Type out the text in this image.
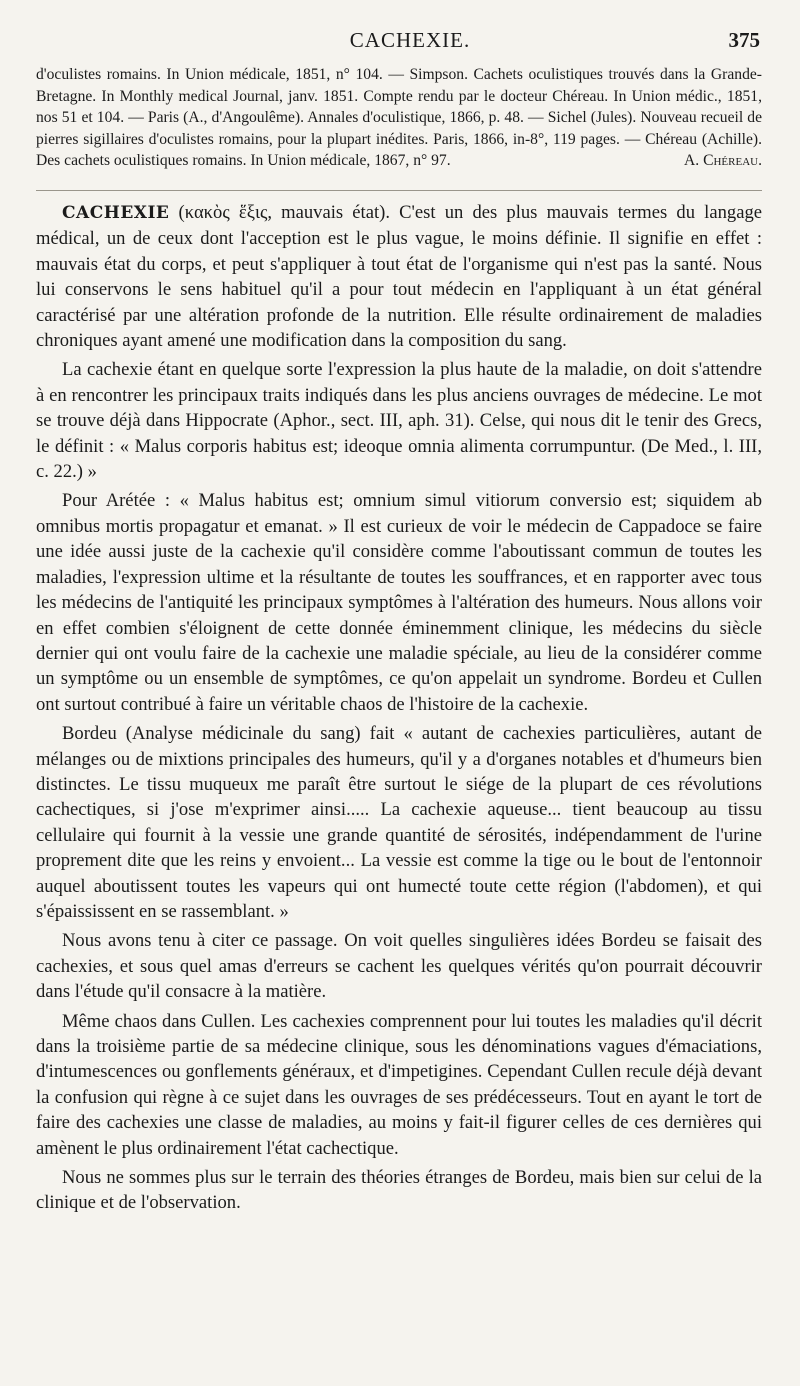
CACHEXIE.	375

d'oculistes romains. In Union médicale, 1851, n° 104. — Simpson. Cachets oculistiques trouvés dans la Grande-Bretagne. In Monthly medical Journal, janv. 1851. Compte rendu par le docteur Chéreau. In Union médic., 1851, nos 51 et 104. — Paris (A., d'Angoulême). Annales d'oculistique, 1866, p. 48. — Sichel (Jules). Nouveau recueil de pierres sigillaires d'oculistes romains, pour la plupart inédites. Paris, 1866, in-8°, 119 pages. — Chéreau (Achille). Des cachets oculistiques romains. In Union médicale, 1867, n° 97.	A. Chéreau.

CACHEXIE (κακὸς ἕξις, mauvais état). C'est un des plus mauvais termes du langage médical, un de ceux dont l'acception est le plus vague, le moins définie. Il signifie en effet : mauvais état du corps, et peut s'appliquer à tout état de l'organisme qui n'est pas la santé. Nous lui conservons le sens habituel qu'il a pour tout médecin en l'appliquant à un état général caractérisé par une altération profonde de la nutrition. Elle résulte ordinairement de maladies chroniques ayant amené une modification dans la composition du sang.

La cachexie étant en quelque sorte l'expression la plus haute de la maladie, on doit s'attendre à en rencontrer les principaux traits indiqués dans les plus anciens ouvrages de médecine. Le mot se trouve déjà dans Hippocrate (Aphor., sect. III, aph. 31). Celse, qui nous dit le tenir des Grecs, le définit : « Malus corporis habitus est; ideoque omnia alimenta corrumpuntur. (De Med., l. III, c. 22.) »

Pour Arétée : « Malus habitus est; omnium simul vitiorum conversio est; siquidem ab omnibus mortis propagatur et emanat. » Il est curieux de voir le médecin de Cappadoce se faire une idée aussi juste de la cachexie qu'il considère comme l'aboutissant commun de toutes les maladies, l'expression ultime et la résultante de toutes les souffrances, et en rapporter avec tous les médecins de l'antiquité les principaux symptômes à l'altération des humeurs. Nous allons voir en effet combien s'éloignent de cette donnée éminemment clinique, les médecins du siècle dernier qui ont voulu faire de la cachexie une maladie spéciale, au lieu de la considérer comme un symptôme ou un ensemble de symptômes, ce qu'on appelait un syndrome. Bordeu et Cullen ont surtout contribué à faire un véritable chaos de l'histoire de la cachexie.

Bordeu (Analyse médicinale du sang) fait « autant de cachexies particulières, autant de mélanges ou de mixtions principales des humeurs, qu'il y a d'organes notables et d'humeurs bien distinctes. Le tissu muqueux me paraît être surtout le siége de la plupart de ces révolutions cachectiques, si j'ose m'exprimer ainsi..... La cachexie aqueuse... tient beaucoup au tissu cellulaire qui fournit à la vessie une grande quantité de sérosités, indépendamment de l'urine proprement dite que les reins y envoient... La vessie est comme la tige ou le bout de l'entonnoir auquel aboutissent toutes les vapeurs qui ont humecté toute cette région (l'abdomen), et qui s'épaississent en se rassemblant. »

Nous avons tenu à citer ce passage. On voit quelles singulières idées Bordeu se faisait des cachexies, et sous quel amas d'erreurs se cachent les quelques vérités qu'on pourrait découvrir dans l'étude qu'il consacre à la matière.

Même chaos dans Cullen. Les cachexies comprennent pour lui toutes les maladies qu'il décrit dans la troisième partie de sa médecine clinique, sous les dénominations vagues d'émaciations, d'intumescences ou gonflements généraux, et d'impetigines. Cependant Cullen recule déjà devant la confusion qui règne à ce sujet dans les ouvrages de ses prédécesseurs. Tout en ayant le tort de faire des cachexies une classe de maladies, au moins y fait-il figurer celles de ces dernières qui amènent le plus ordinairement l'état cachectique.

Nous ne sommes plus sur le terrain des théories étranges de Bordeu, mais bien sur celui de la clinique et de l'observation.
